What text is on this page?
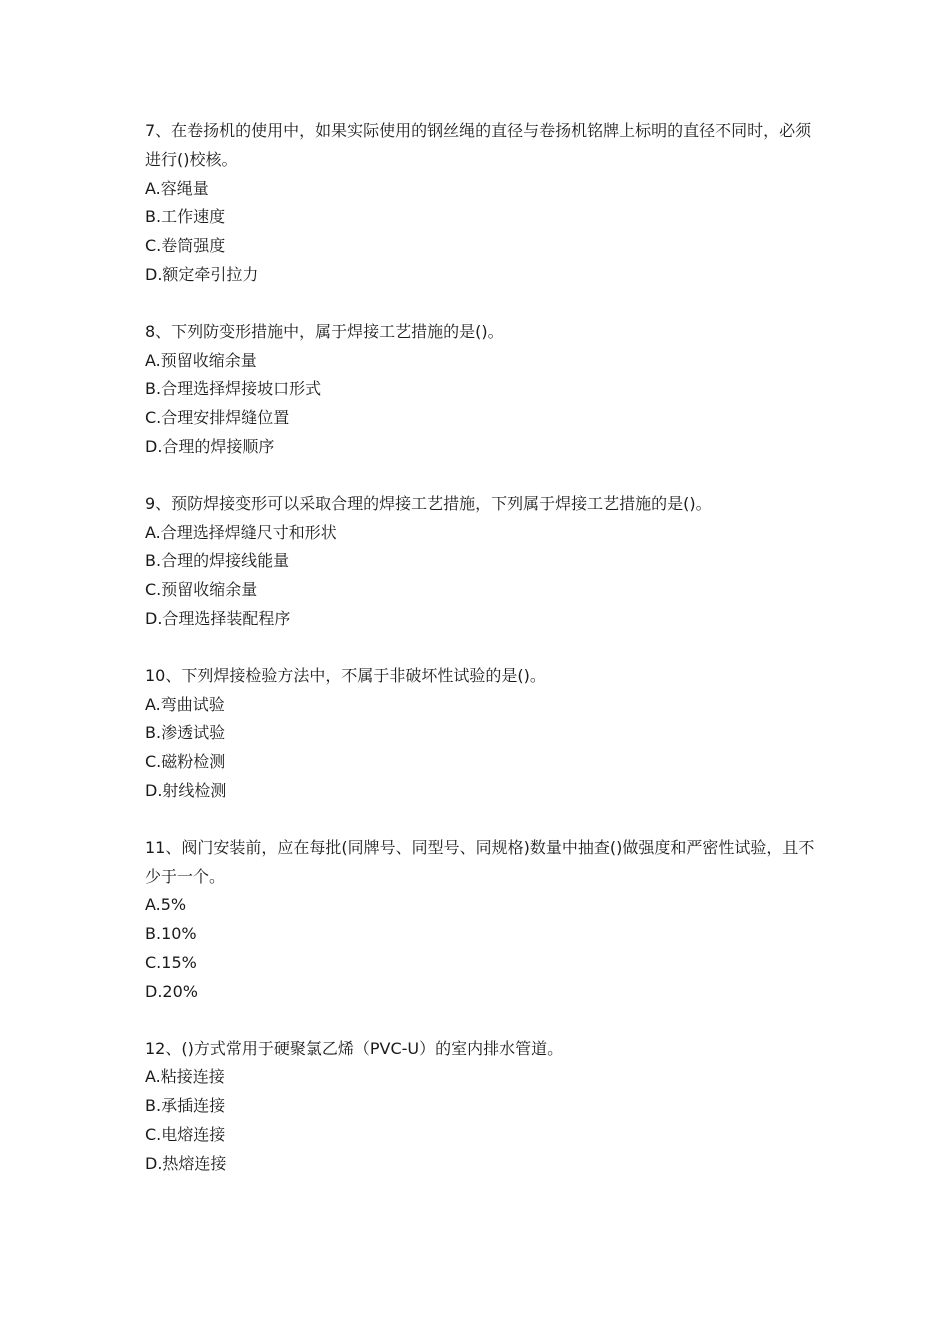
7、在卷扬机的使用中，如果实际使用的钢丝绳的直径与卷扬机铭牌上标明的直径不同时，必须进行()校核。

A.容绳量

B.工作速度

C.卷筒强度

D.额定牵引拉力

8、下列防变形措施中，属于焊接工艺措施的是()。

A.预留收缩余量

B.合理选择焊接坡口形式

C.合理安排焊缝位置

D.合理的焊接顺序

9、预防焊接变形可以采取合理的焊接工艺措施，下列属于焊接工艺措施的是()。

A.合理选择焊缝尺寸和形状

B.合理的焊接线能量

C.预留收缩余量

D.合理选择装配程序

10、下列焊接检验方法中，不属于非破坏性试验的是()。

A.弯曲试验

B.渗透试验

C.磁粉检测

D.射线检测

11、阀门安装前，应在每批(同牌号、同型号、同规格)数量中抽查()做强度和严密性试验，且不少于一个。

A.5%

B.10%

C.15%

D.20%

12、()方式常用于硬聚氯乙烯（PVC-U）的室内排水管道。

A.粘接连接

B.承插连接

C.电熔连接

D.热熔连接
